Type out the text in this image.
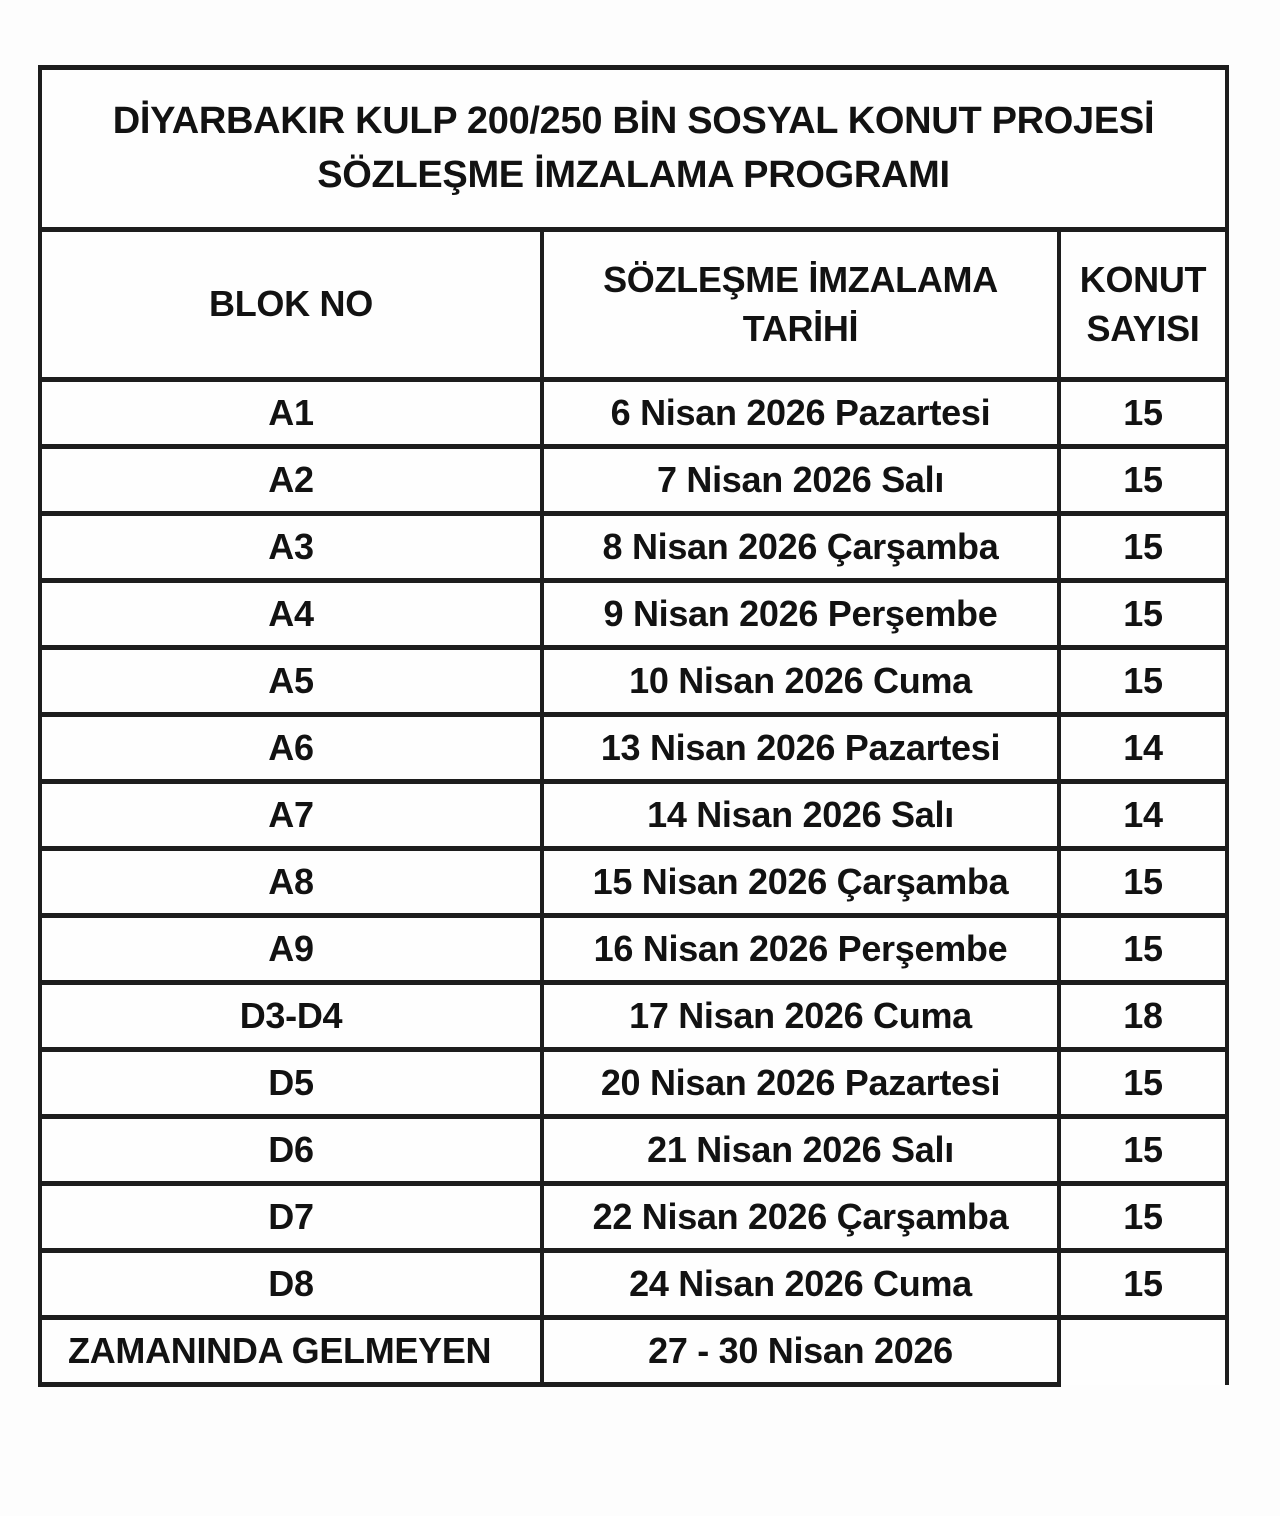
DİYARBAKIR KULP 200/250 BİN SOSYAL KONUT PROJESİ
SÖZLEŞME İMZALAMA PROGRAMI		

BLOK NO	SÖZLEŞME İMZALAMA TARİHİ	KONUT SAYISI
A1	6 Nisan 2026 Pazartesi	15
A2	7 Nisan 2026 Salı	15
A3	8 Nisan 2026 Çarşamba	15
A4	9 Nisan 2026 Perşembe	15
A5	10 Nisan 2026 Cuma	15
A6	13 Nisan 2026 Pazartesi	14
A7	14 Nisan 2026 Salı	14
A8	15 Nisan 2026 Çarşamba	15
A9	16 Nisan 2026 Perşembe	15
D3-D4	17 Nisan 2026 Cuma	18
D5	20 Nisan 2026 Pazartesi	15
D6	21 Nisan 2026 Salı	15
D7	22 Nisan 2026 Çarşamba	15
D8	24 Nisan 2026 Cuma	15
ZAMANINDA GELMEYEN	27 - 30 Nisan 2026	
